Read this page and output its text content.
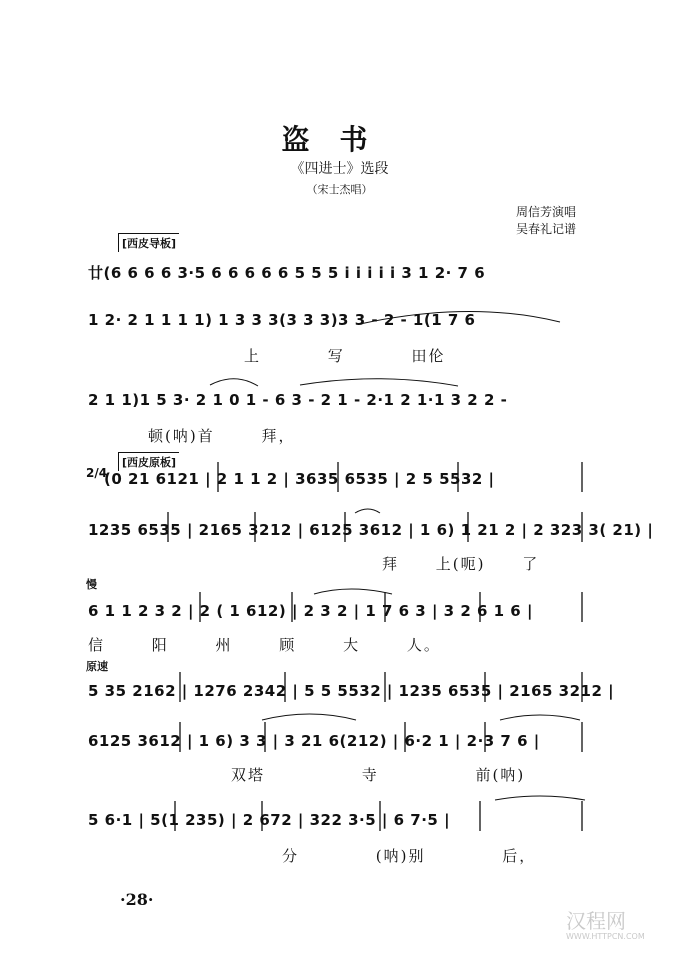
盗书
《四进士》选段
（宋士杰唱）
周信芳演唱
吴春礼记谱
[西皮导板]
[西皮原板]
2/4
慢
原速
廿(6 6 6 6 3·5 6 6 6 6 6 5 5 5 i i i i i 3 1 2· 7 6
1 2· 2 1 1 1 1) 1 3 3 3(3 3 3)3 3 - 2 - 1(1 7 6
上 写 田伦
2 1 1)1 5 3· 2 1 0 1 - 6 3 - 2 1 - 2·1 2 1·1 3 2 2 -
顿(呐)首 拜，
(0 21 6121 | 2 1 1 2 | 3635 6535 | 2 5 5532 |
1235 6535 | 2165 3212 | 6125 3612 | 1 6) 1 21 2 | 2 323 3( 21) |
拜 上(呃) 了
6 1 1 2 3 2 | 2 ( 1 612) | 2 3 2 | 1 7 6 3 | 3 2 6 1 6 |
信 阳 州 顾 大 人。
5 35 2162 | 1276 2342 | 5 5 5532 | 1235 6535 | 2165 3212 |
6125 3612 | 1 6) 3 3 | 3 21 6(212) | 6·2 1 | 2·3 7 6 |
双塔 寺 前(呐)
5 6·1 | 5(1 235) | 2 672 | 322 3·5 | 6 7·5 |
分 (呐)别 后，
·28·
汉程网
WWW.HTTPCN.COM
